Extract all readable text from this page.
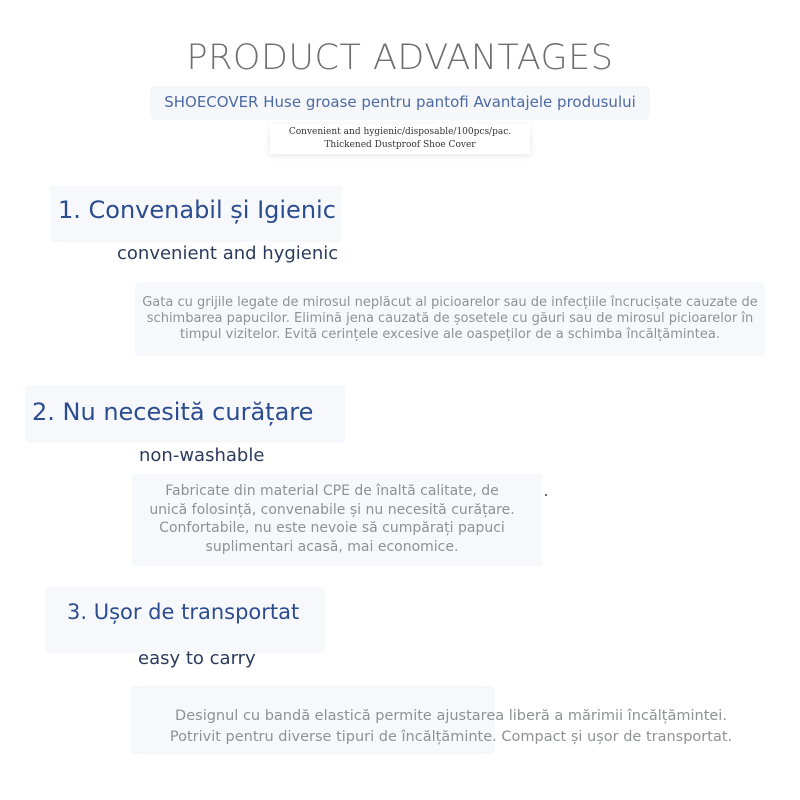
PRODUCT ADVANTAGES
SHOECOVER Huse groase pentru pantofi Avantajele produsului
Convenient and hygienic/disposable/100pcs/pac.
Thickened Dustproof Shoe Cover
1. Convenabil și Igienic
convenient and hygienic
Gata cu grijile legate de mirosul neplăcut al picioarelor sau de infecțiile încrucișate cauzate de
schimbarea papucilor. Elimină jena cauzată de șosetele cu găuri sau de mirosul picioarelor în
timpul vizitelor. Evită cerințele excesive ale oaspeților de a schimba încălțămintea.
2. Nu necesită curățare
non-washable
Fabricate din material CPE de înaltă calitate, de
unică folosință, convenabile și nu necesită curățare.
Confortabile, nu este nevoie să cumpărați papuci
suplimentari acasă, mai economice.
3. Ușor de transportat
easy to carry
Designul cu bandă elastică permite ajustarea liberă a mărimii încălțămintei.
Potrivit pentru diverse tipuri de încălțăminte. Compact și ușor de transportat.
